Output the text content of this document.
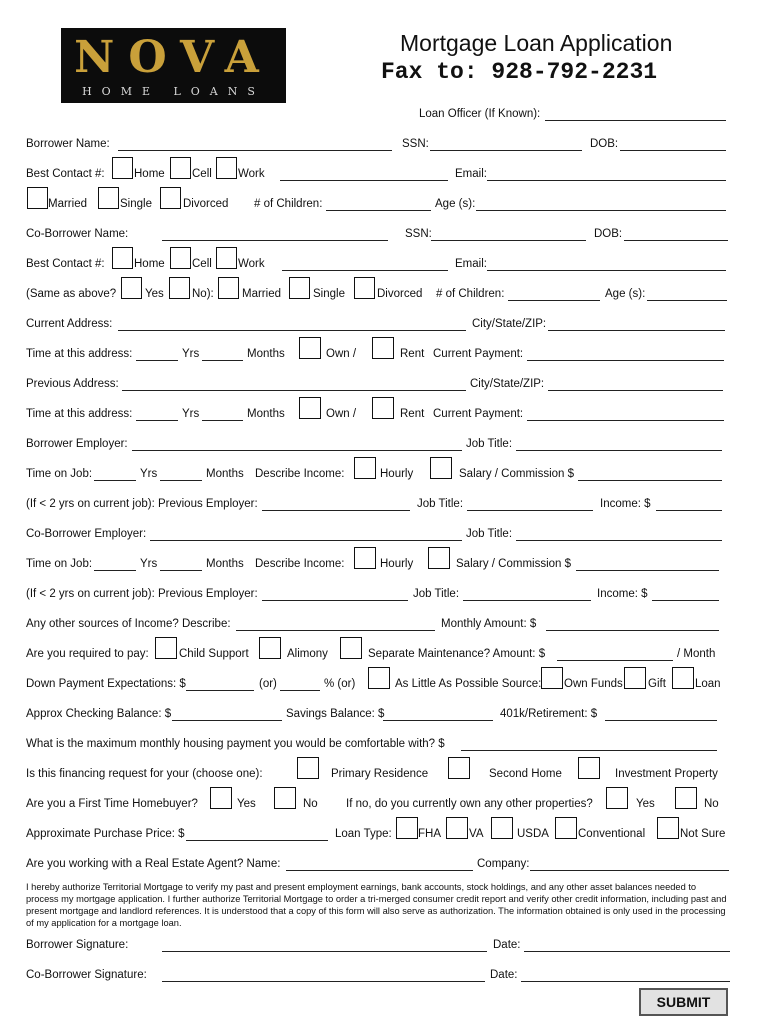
NOVA
HOME LOANS
Mortgage Loan Application
Fax to: 928-792-2231
Loan Officer (If Known):
Borrower Name:	SSN:	DOB:
Best Contact #:	Home Cell Work	Email:
Married	Single	Divorced # of Children:	Age (s):
Co-Borrower Name:	SSN:	DOB:
Best Contact #:	Home Cell Work	Email:
(Same as above?	Yes No): Married	Single	Divorced # of Children:	Age (s):
Current Address:	City/State/ZIP:
Time at this address:	Yrs	Months	Own /	Rent Current Payment:
Previous Address:	City/State/ZIP:
Time at this address:	Yrs	Months	Own /	Rent Current Payment:
Borrower Employer:	Job Title:
Time on Job:	Yrs	Months Describe Income:	Hourly	Salary / Commission $
(If < 2 yrs on current job): Previous Employer:	Job Title:	Income: $
Co-Borrower Employer:	Job Title:
Time on Job:	Yrs	Months Describe Income:	Hourly	Salary / Commission $
(If < 2 yrs on current job): Previous Employer:	Job Title:	Income: $
Any other sources of Income? Describe:	Monthly Amount: $
Are you required to pay:	Child Support	Alimony	Separate Maintenance? Amount: $	/ Month
Down Payment Expectations: $	(or)	% (or)	As Little As Possible Source: Own Funds Gift	Loan
Approx Checking Balance: $	Savings Balance: $	401k/Retirement: $
What is the maximum monthly housing payment you would be comfortable with? $
Is this financing request for your (choose one):	Primary Residence	Second Home	Investment Property
Are you a First Time Homebuyer?	Yes	No If no, do you currently own any other properties?	Yes	No
Approximate Purchase Price: $	Loan Type: FHA VA	USDA	Conventional	Not Sure
Are you working with a Real Estate Agent? Name:	Company:
I hereby authorize Territorial Mortgage to verify my past and present employment earnings, bank accounts, stock holdings, and any other asset balances needed to process my mortgage application. I further authorize Territorial Mortgage to order a tri-merged consumer credit report and verify other credit information, including past and present mortgage and landlord references. It is understood that a copy of this form will also serve as authorization. The information obtained is only used in the processing of my application for a mortgage loan.
Borrower Signature:	Date:
Co-Borrower Signature:	Date:
SUBMIT
